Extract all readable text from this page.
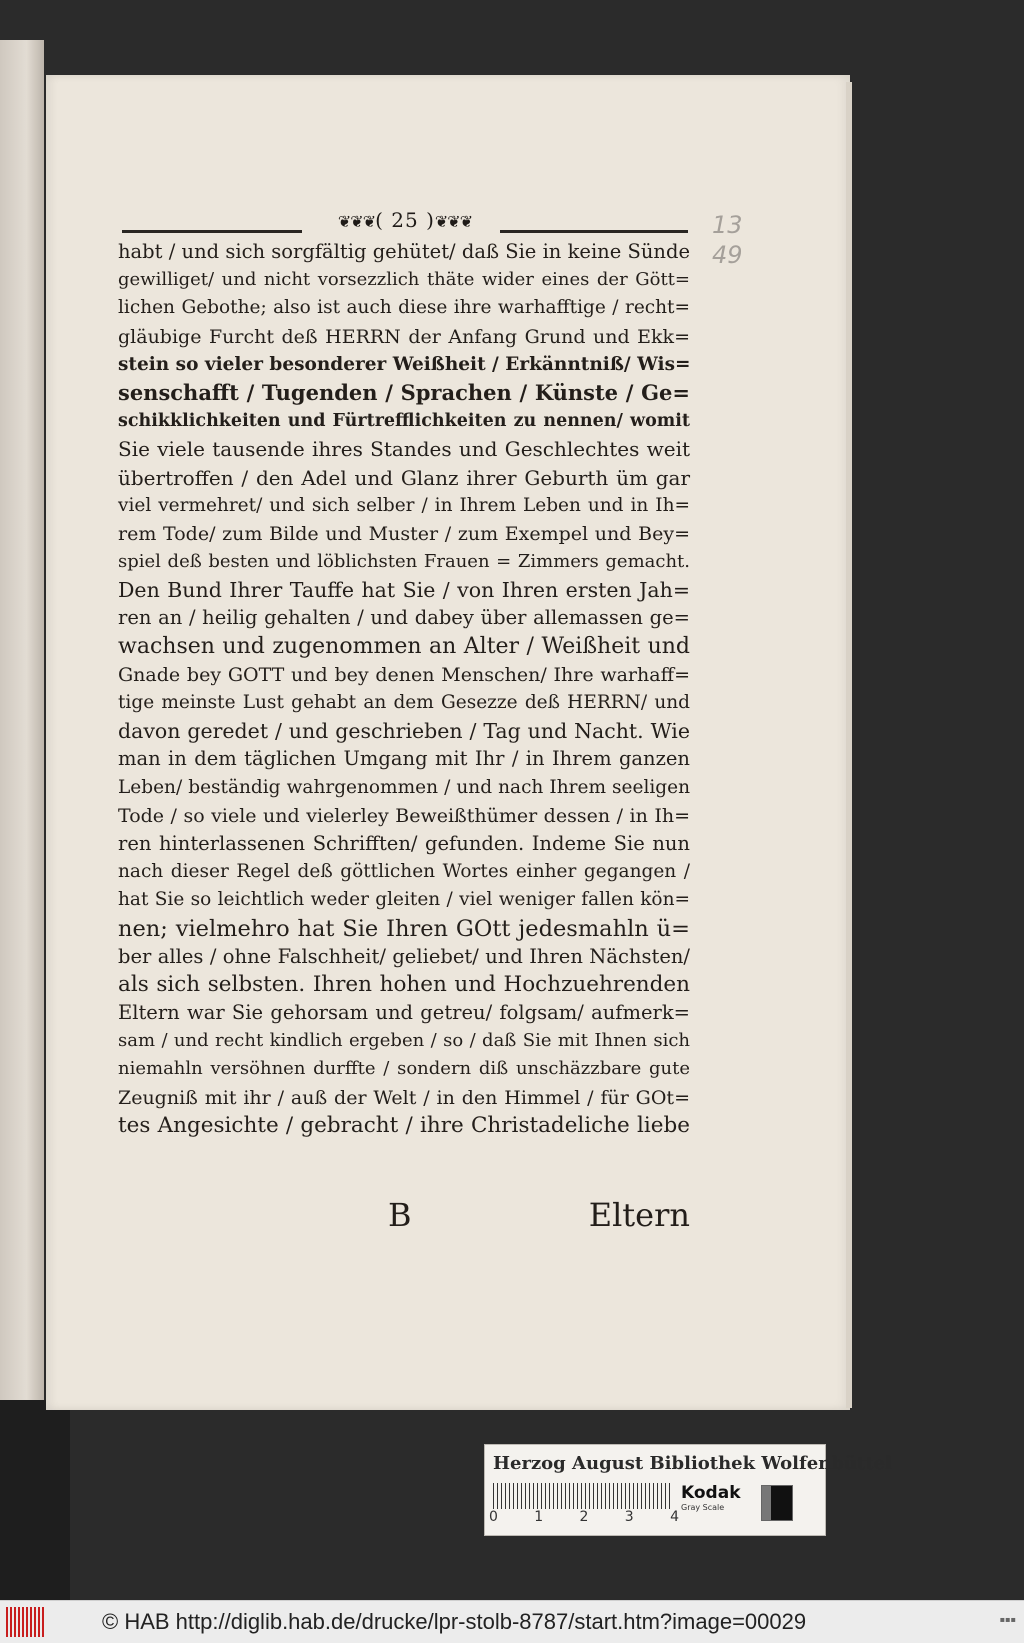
❦❦❦( 25 )❦❦❦	13
49
habt / und sich sorgfältig gehütet/ daß Sie in keine Sünde
gewilliget/ und nicht vorsezzlich thäte wider eines der Gött=
lichen Gebothe; also ist auch diese ihre warhafftige / recht=
gläubige Furcht deß HERRN der Anfang Grund und Ekk=
stein so vieler besonderer Weißheit / Erkänntniß/ Wis=
senschafft / Tugenden / Sprachen / Künste / Ge=
schikklichkeiten und Fürtrefflichkeiten zu nennen/ womit
Sie viele tausende ihres Standes und Geschlechtes weit
übertroffen / den Adel und Glanz ihrer Geburth üm gar
viel vermehret/ und sich selber / in Ihrem Leben und in Ih=
rem Tode/ zum Bilde und Muster / zum Exempel und Bey=
spiel deß besten und löblichsten Frauen = Zimmers gemacht.
Den Bund Ihrer Tauffe hat Sie / von Ihren ersten Jah=
ren an / heilig gehalten / und dabey über allemassen ge=
wachsen und zugenommen an Alter / Weißheit und
Gnade bey GOTT und bey denen Menschen/ Ihre warhaff=
tige meinste Lust gehabt an dem Gesezze deß HERRN/ und
davon geredet / und geschrieben / Tag und Nacht. Wie
man in dem täglichen Umgang mit Ihr / in Ihrem ganzen
Leben/ beständig wahrgenommen / und nach Ihrem seeligen
Tode / so viele und vielerley Beweißthümer dessen / in Ih=
ren hinterlassenen Schrifften/ gefunden. Indeme Sie nun
nach dieser Regel deß göttlichen Wortes einher gegangen /
hat Sie so leichtlich weder gleiten / viel weniger fallen kön=
nen; vielmehro hat Sie Ihren GOtt jedesmahln ü=
ber alles / ohne Falschheit/ geliebet/ und Ihren Nächsten/
als sich selbsten. Ihren hohen und Hochzuehrenden
Eltern war Sie gehorsam und getreu/ folgsam/ aufmerk=
sam / und recht kindlich ergeben / so / daß Sie mit Ihnen sich
niemahln versöhnen durffte / sondern diß unschäzzbare gute
Zeugniß mit ihr / auß der Welt / in den Himmel / für GOt=
tes Angesichte / gebracht / ihre Christadeliche liebe
B	Eltern
Herzog August Bibliothek Wolfenbüttel
0	1	2	3	4
Kodak
Gray Scale
© HAB http://diglib.hab.de/drucke/lpr-stolb-8787/start.htm?image=00029	▪▪▪
